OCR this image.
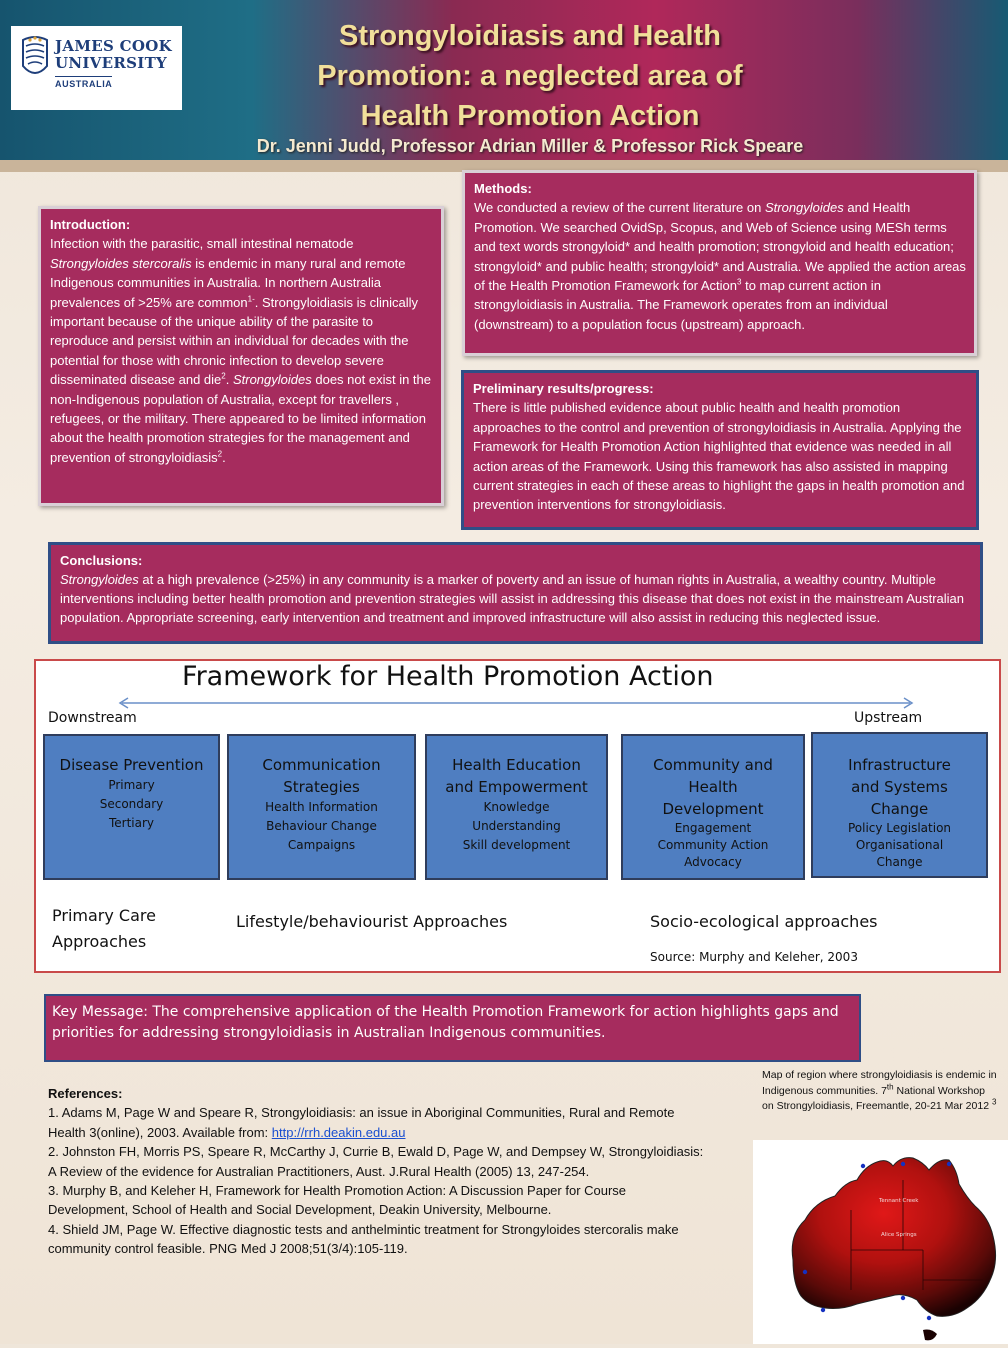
JAMES COOK
UNIVERSITY
AUSTRALIA
Strongyloidiasis and Health
Promotion: a neglected area of
Health Promotion Action
Dr. Jenni Judd, Professor Adrian Miller & Professor Rick Speare
Introduction:

Infection with the parasitic, small intestinal nematode Strongyloides stercoralis is endemic in many rural and remote Indigenous communities in Australia. In northern Australia prevalences of >25% are common$^{1-}$. Strongyloidiasis is clinically important because of the unique ability of the parasite to reproduce and persist within an individual for decades with the potential for those with chronic infection to develop severe disseminated disease and die$^2$. Strongyloides does not exist in the non-Indigenous population of Australia, except for travellers , refugees, or the military. There appeared to be limited information about the health promotion strategies for the management and prevention of strongyloidiasis$^2$.

Methods:

We conducted a review of the current literature on Strongyloides and Health Promotion. We searched OvidSp, Scopus, and Web of Science using MESh terms and text words strongyloid* and health promotion; strongyloid and health education; strongyloid* and public health; strongyloid* and Australia. We applied the action areas of the Health Promotion Framework for Action$^3$ to map current action in strongyloidiasis in Australia. The Framework operates from an individual (downstream) to a population focus (upstream) approach.

Preliminary results/progress:

There is little published evidence about public health and health promotion approaches to the control and prevention of strongyloidiasis in Australia. Applying the Framework for Health Promotion Action highlighted that evidence was needed in all action areas of the Framework. Using this framework has also assisted in mapping current strategies in each of these areas to highlight the gaps in health promotion and prevention interventions for strongyloidiasis.

Conclusions:

Strongyloides at a high prevalence (>25%) in any community is a marker of poverty and an issue of human rights in Australia, a wealthy country. Multiple interventions including better health promotion and prevention strategies will assist in addressing this disease that does not exist in the mainstream Australian population. Appropriate screening, early intervention and treatment and improved infrastructure will also assist in reducing this neglected issue.

Framework for Health Promotion Action
Downstream	Upstream
Disease Prevention
Primary
Secondary
Tertiary
Communication
Strategies
Health Information
Behaviour Change
Campaigns
Health Education
and Empowerment
Knowledge
Understanding
Skill development
Community and
Health
Development
Engagement
Community Action
Advocacy
Infrastructure
and Systems
Change
Policy Legislation
Organisational
Change
Primary Care
Approaches
Lifestyle/behaviourist Approaches	Socio-ecological approaches
Source: Murphy and Keleher, 2003
Key Message: The comprehensive application of the Health Promotion Framework for action highlights gaps and priorities for addressing strongyloidiasis in Australian Indigenous communities.
References:

1. Adams M, Page W and Speare R, Strongyloidiasis: an issue in Aboriginal Communities, Rural and Remote Health 3(online), 2003. Available from: http://rrh.deakin.edu.au

2. Johnston FH, Morris PS, Speare R, McCarthy J, Currie B, Ewald D, Page W, and Dempsey W, Strongyloidiasis: A Review of the evidence for Australian Practitioners, Aust. J.Rural Health (2005) 13, 247-254.

3. Murphy B, and Keleher H, Framework for Health Promotion Action: A Discussion Paper for Course Development, School of Health and Social Development, Deakin University, Melbourne.

4. Shield JM, Page W. Effective diagnostic tests and anthelmintic treatment for Strongyloides stercoralis make community control feasible. PNG Med J 2008;51(3/4):105-119.

Map of region where strongyloidiasis is endemic in Indigenous communities. 7th National Workshop on Strongyloidiasis, Freemantle, 20-21 Mar 2012 $^3$
Tennant Creek
Alice Springs
